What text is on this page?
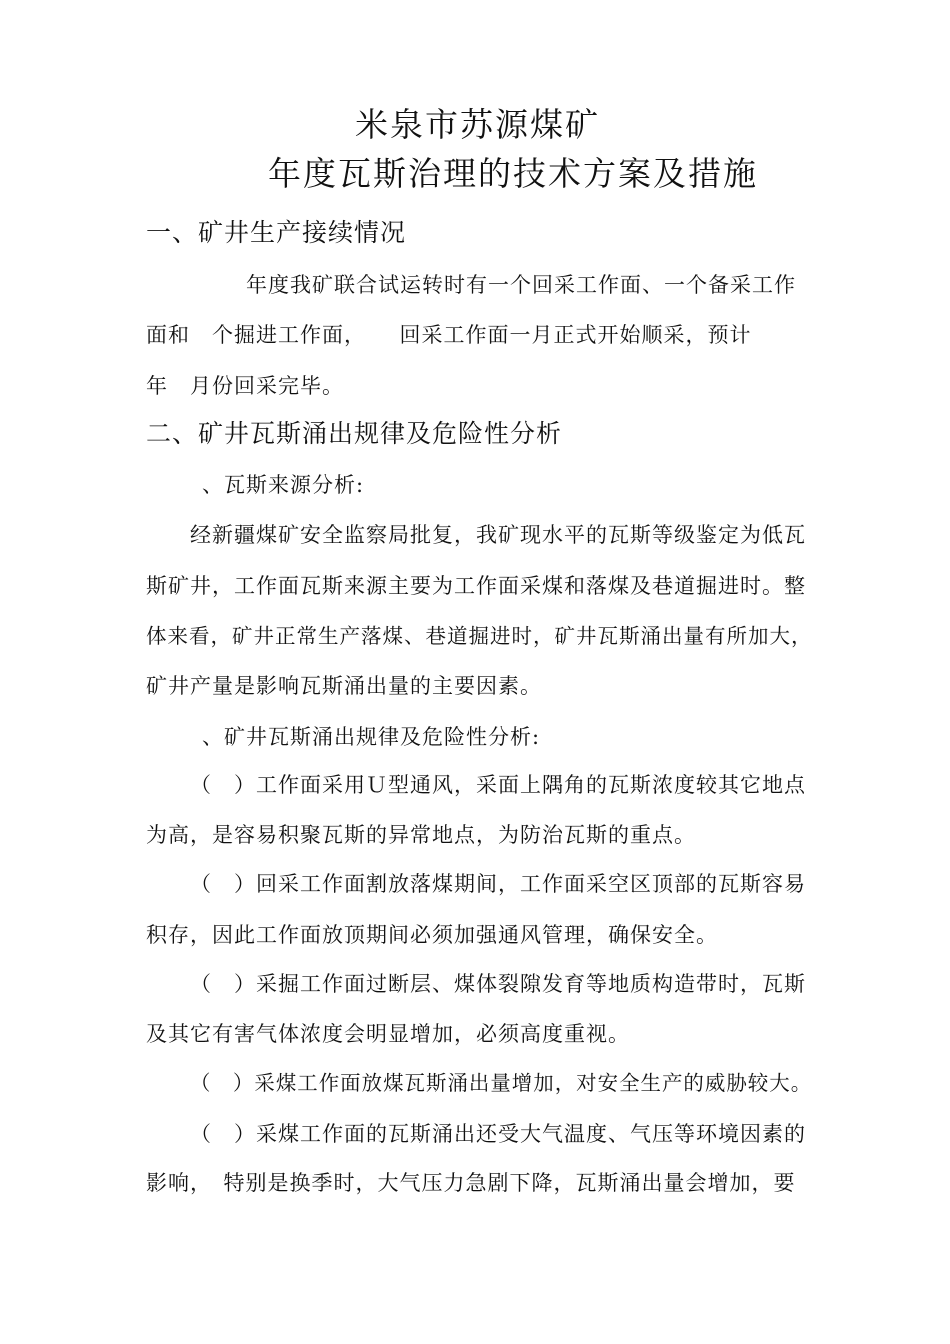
米泉市苏源煤矿
年度瓦斯治理的技术方案及措施
一、矿井生产接续情况
年度我矿联合试运转时有一个回采工作面、一个备采工作
面和　个掘进工作面，　　回采工作面一月正式开始顺采，预计
年　月份回采完毕。
二、矿井瓦斯涌出规律及危险性分析
、瓦斯来源分析:
经新疆煤矿安全监察局批复，我矿现水平的瓦斯等级鉴定为低瓦
斯矿井，工作面瓦斯来源主要为工作面采煤和落煤及巷道掘进时。整
体来看，矿井正常生产落煤、巷道掘进时，矿井瓦斯涌出量有所加大，
矿井产量是影响瓦斯涌出量的主要因素。
、矿井瓦斯涌出规律及危险性分析:
（　）工作面采用Ｕ型通风，采面上隅角的瓦斯浓度较其它地点
为高，是容易积聚瓦斯的异常地点，为防治瓦斯的重点。
（　）回采工作面割放落煤期间，工作面采空区顶部的瓦斯容易
积存，因此工作面放顶期间必须加强通风管理，确保安全。
（　）采掘工作面过断层、煤体裂隙发育等地质构造带时，瓦斯
及其它有害气体浓度会明显增加，必须高度重视。
（　）采煤工作面放煤瓦斯涌出量增加，对安全生产的威胁较大。
（　）采煤工作面的瓦斯涌出还受大气温度、气压等环境因素的
影响，　特别是换季时，大气压力急剧下降，瓦斯涌出量会增加，要
